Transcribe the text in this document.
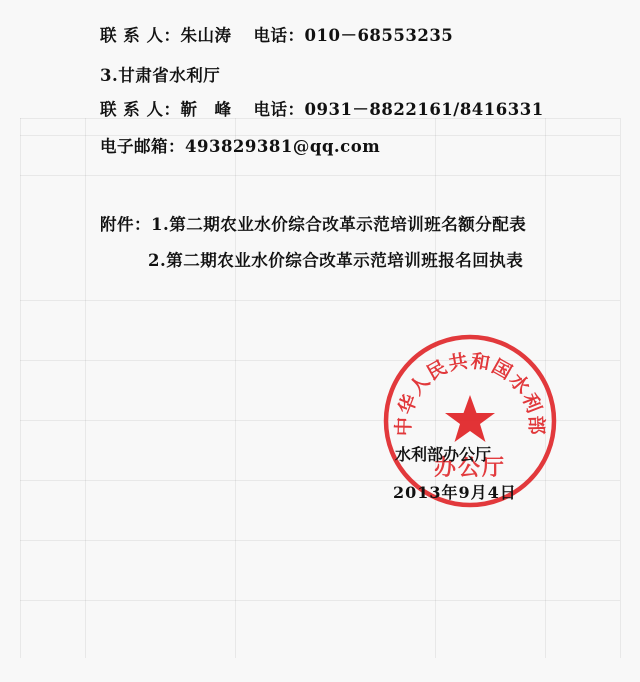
联 系 人：朱山涛 电话：010－68553235
3.甘肃省水利厅
联 系 人：靳　峰 电话：0931－8822161/8416331
电子邮箱：493829381@qq.com
附件：1.第二期农业水价综合改革示范培训班名额分配表
2.第二期农业水价综合改革示范培训班报名回执表
中华人民共和国水利部
办公厅
水利部办公厅
2013年9月4日
